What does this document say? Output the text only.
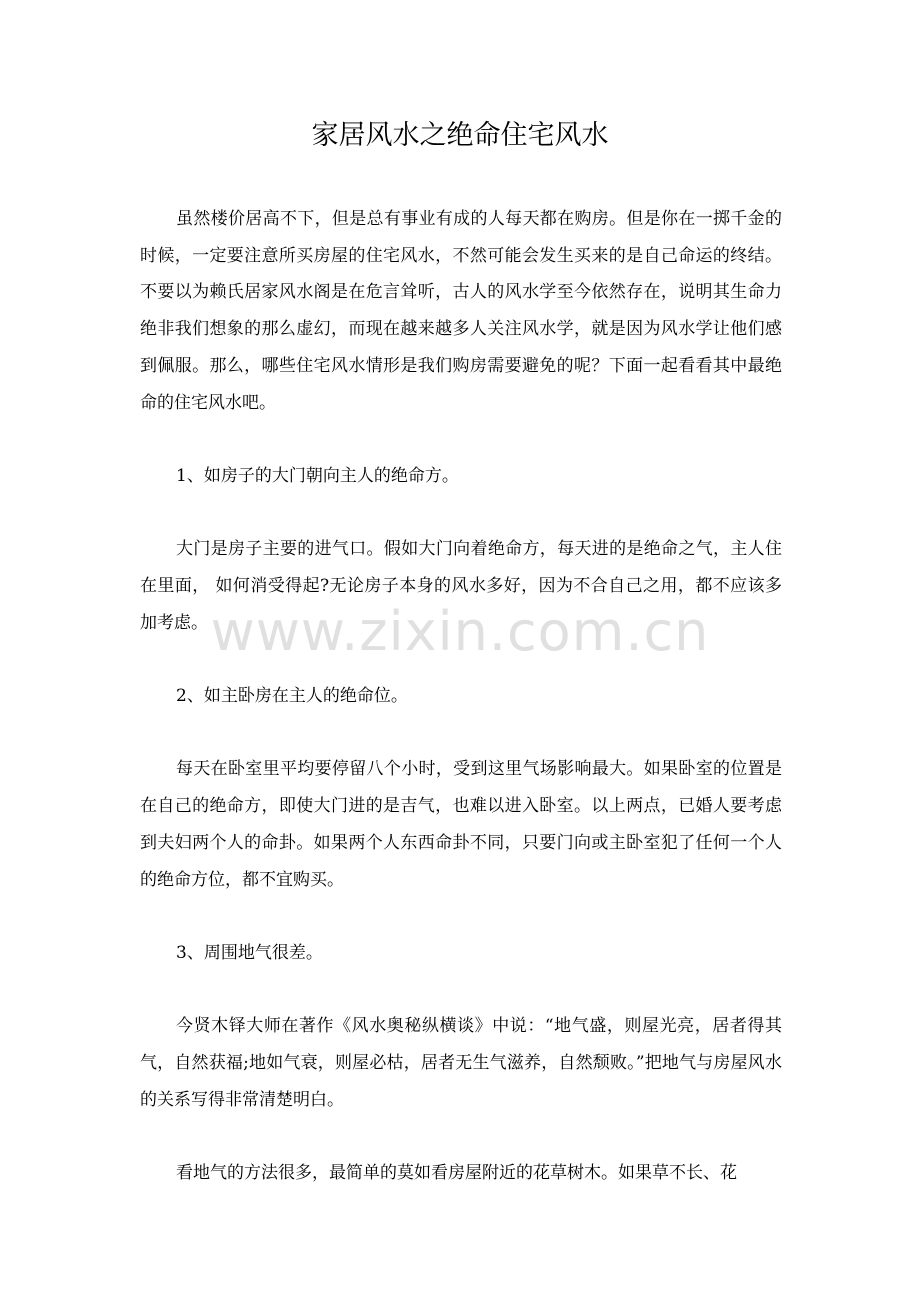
家居风水之绝命住宅风水

虽然楼价居高不下，但是总有事业有成的人每天都在购房。但是你在一掷千金的时候，一定要注意所买房屋的住宅风水，不然可能会发生买来的是自己命运的终结。不要以为赖氏居家风水阁是在危言耸听，古人的风水学至今依然存在，说明其生命力绝非我们想象的那么虚幻，而现在越来越多人关注风水学，就是因为风水学让他们感到佩服。那么，哪些住宅风水情形是我们购房需要避免的呢？下面一起看看其中最绝命的住宅风水吧。

1、如房子的大门朝向主人的绝命方。

大门是房子主要的进气口。假如大门向着绝命方，每天进的是绝命之气，主人住在里面， 如何消受得起?无论房子本身的风水多好，因为不合自己之用，都不应该多加考虑。

2、如主卧房在主人的绝命位。

每天在卧室里平均要停留八个小时，受到这里气场影响最大。如果卧室的位置是在自己的绝命方，即使大门进的是吉气，也难以进入卧室。以上两点，已婚人要考虑到夫妇两个人的命卦。如果两个人东西命卦不同，只要门向或主卧室犯了任何一个人的绝命方位，都不宜购买。

3、周围地气很差。

今贤木铎大师在著作《风水奥秘纵横谈》中说：“地气盛，则屋光亮，居者得其气，自然获福;地如气衰，则屋必枯，居者无生气滋养，自然颓败。”把地气与房屋风水的关系写得非常清楚明白。

看地气的方法很多，最简单的莫如看房屋附近的花草树木。如果草不长、花

www.zixin.com.cn
